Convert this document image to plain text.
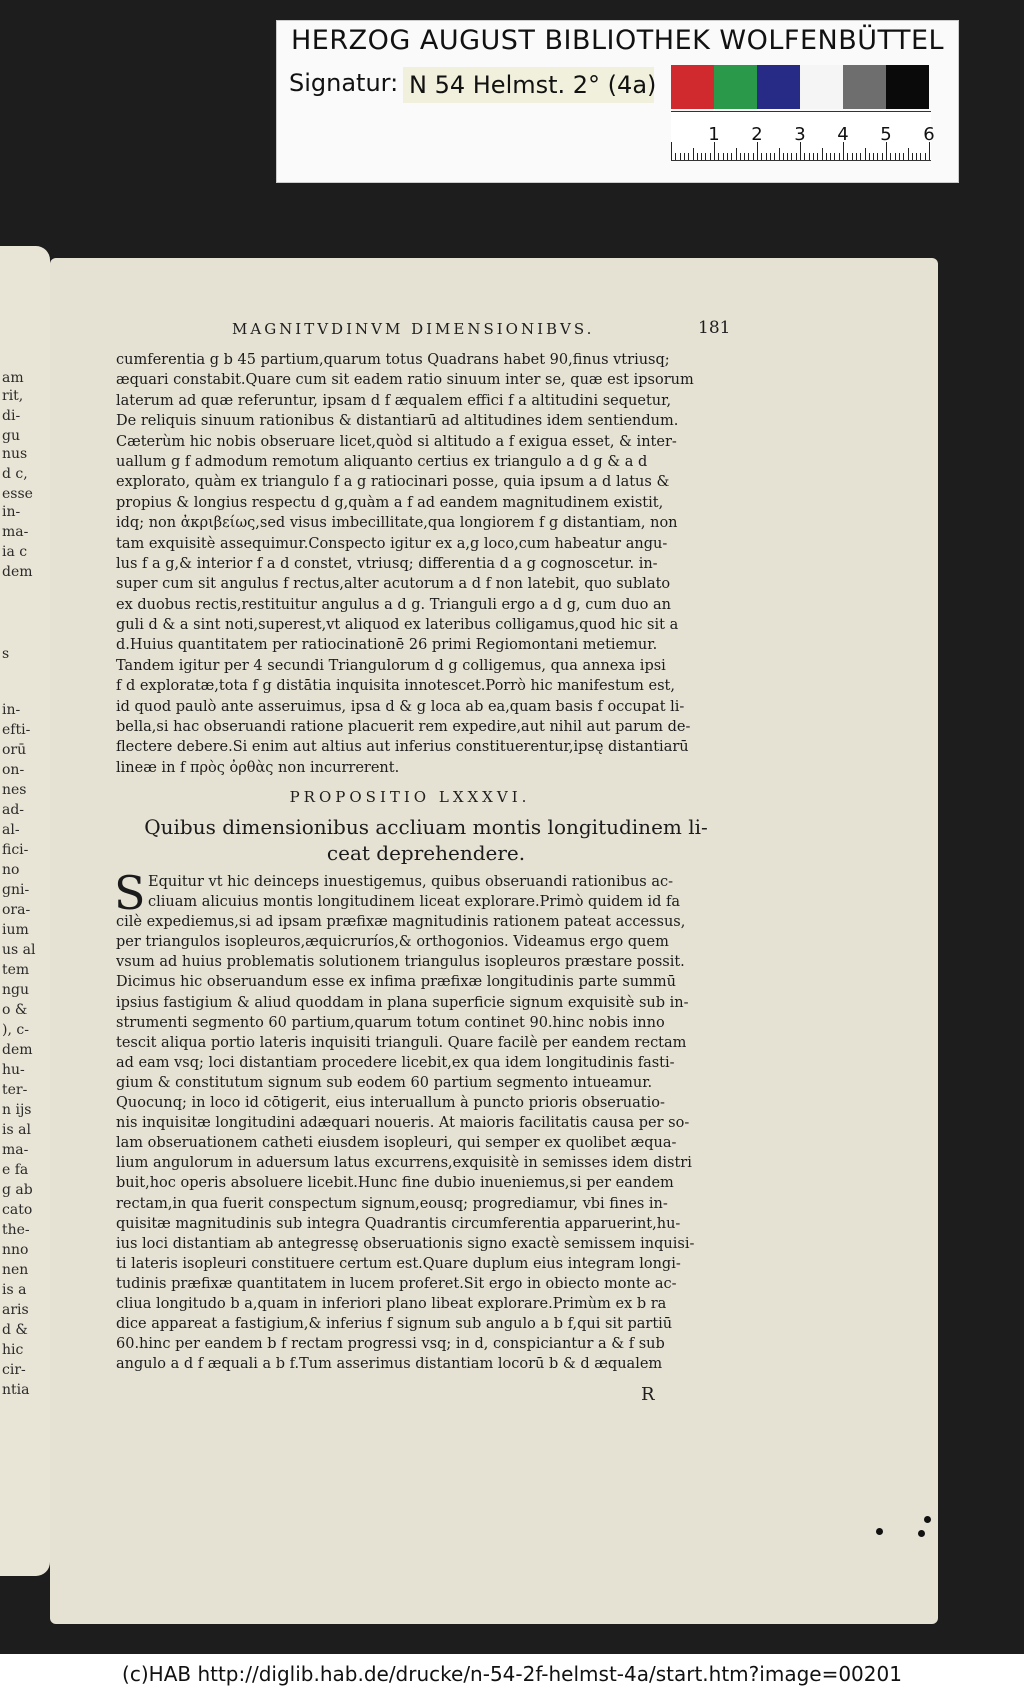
HERZOG AUGUST BIBLIOTHEK WOLFENBÜTTEL
Signatur: N 54 Helmst. 2° (4a)
1 2 3 4 5 6
am
rit,
di-
gu
nus
d c,
esse
in-
ma-
ia c
dem
s
in-
efti-
orū
on-
nes
ad-
al-
fici-
no
gni-
ora-
ium
us al
tem
ngu
o &
), c-
dem
hu-
ter-
n ijs
is al
ma-
e fa
g ab
cato
the-
nno
nen
is a
aris
d &
hic
cir-
ntia
MAGNITVDINVM DIMENSIONIBVS.	181
cumferentia g b 45 partium,quarum totus Quadrans habet 90,finus vtriusq;
æquari constabit.Quare cum sit eadem ratio sinuum inter se, quæ est ipsorum
laterum ad quæ referuntur, ipsam d f æqualem effici f a altitudini sequetur,
De reliquis sinuum rationibus & distantiarū ad altitudines idem sentiendum.
Cæterùm hic nobis obseruare licet,quòd si altitudo a f exigua esset, & inter-
uallum g f admodum remotum aliquanto certius ex triangulo a d g & a d
explorato, quàm ex triangulo f a g ratiocinari posse, quia ipsum a d latus &
propius & longius respectu d g,quàm a f ad eandem magnitudinem existit,
idq; non ἀκριβείως,sed visus imbecillitate,qua longiorem f g distantiam, non
tam exquisitè assequimur.Conspecto igitur ex a,g loco,cum habeatur angu-
lus f a g,& interior f a d constet, vtriusq; differentia d a g cognoscetur. in-
super cum sit angulus f rectus,alter acutorum a d f non latebit, quo sublato
ex duobus rectis,restituitur angulus a d g. Trianguli ergo a d g, cum duo an
guli d & a sint noti,superest,vt aliquod ex lateribus colligamus,quod hic sit a
d.Huius quantitatem per ratiocinationē 26 primi Regiomontani metiemur.
Tandem igitur per 4 secundi Triangulorum d g colligemus, qua annexa ipsi
f d exploratæ,tota f g distātia inquisita innotescet.Porrò hic manifestum est,
id quod paulò ante asseruimus, ipsa d & g loca ab ea,quam basis f occupat li-
bella,si hac obseruandi ratione placuerit rem expedire,aut nihil aut parum de-
flectere debere.Si enim aut altius aut inferius constituerentur,ipsę distantiarū
lineæ in f πρὸς ὀρθὰς non incurrerent.
PROPOSITIO LXXXVI.
Quibus dimensionibus accliuam montis longitudinem li-
ceat deprehendere.
S Equitur vt hic deinceps inuestigemus, quibus obseruandi rationibus ac-
cliuam alicuius montis longitudinem liceat explorare.Primò quidem id fa
cilè expediemus,si ad ipsam præfixæ magnitudinis rationem pateat accessus,
per triangulos isopleuros,æquicruríos,& orthogonios. Videamus ergo quem
vsum ad huius problematis solutionem triangulus isopleuros præstare possit.
Dicimus hic obseruandum esse ex infima præfixæ longitudinis parte summū
ipsius fastigium & aliud quoddam in plana superficie signum exquisitè sub in-
strumenti segmento 60 partium,quarum totum continet 90.hinc nobis inno
tescit aliqua portio lateris inquisiti trianguli. Quare facilè per eandem rectam
ad eam vsq; loci distantiam procedere licebit,ex qua idem longitudinis fasti-
gium & constitutum signum sub eodem 60 partium segmento intueamur.
Quocunq; in loco id cōtigerit, eius interuallum à puncto prioris obseruatio-
nis inquisitæ longitudini adæquari noueris. At maioris facilitatis causa per so-
lam obseruationem catheti eiusdem isopleuri, qui semper ex quolibet æqua-
lium angulorum in aduersum latus excurrens,exquisitè in semisses idem distri
buit,hoc operis absoluere licebit.Hunc fine dubio inueniemus,si per eandem
rectam,in qua fuerit conspectum signum,eousq; progrediamur, vbi fines in-
quisitæ magnitudinis sub integra Quadrantis circumferentia apparuerint,hu-
ius loci distantiam ab antegressę obseruationis signo exactè semissem inquisi-
ti lateris isopleuri constituere certum est.Quare duplum eius integram longi-
tudinis præfixæ quantitatem in lucem proferet.Sit ergo in obiecto monte ac-
cliua longitudo b a,quam in inferiori plano libeat explorare.Primùm ex b ra
dice appareat a fastigium,& inferius f signum sub angulo a b f,qui sit partiū
60.hinc per eandem b f rectam progressi vsq; in d, conspiciantur a & f sub
angulo a d f æquali a b f.Tum asserimus distantiam locorū b & d æqualem
R
(c)HAB http://diglib.hab.de/drucke/n-54-2f-helmst-4a/start.htm?image=00201
